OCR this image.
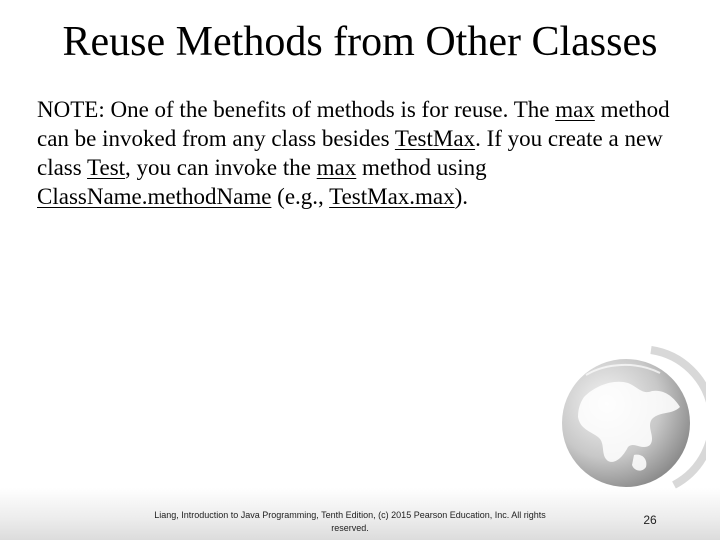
Reuse Methods from Other Classes
NOTE: One of the benefits of methods is for reuse. The max method can be invoked from any class besides TestMax. If you create a new class Test, you can invoke the max method using ClassName.methodName (e.g., TestMax.max).
Liang, Introduction to Java Programming, Tenth Edition, (c) 2015 Pearson Education, Inc. All rights reserved.
26
